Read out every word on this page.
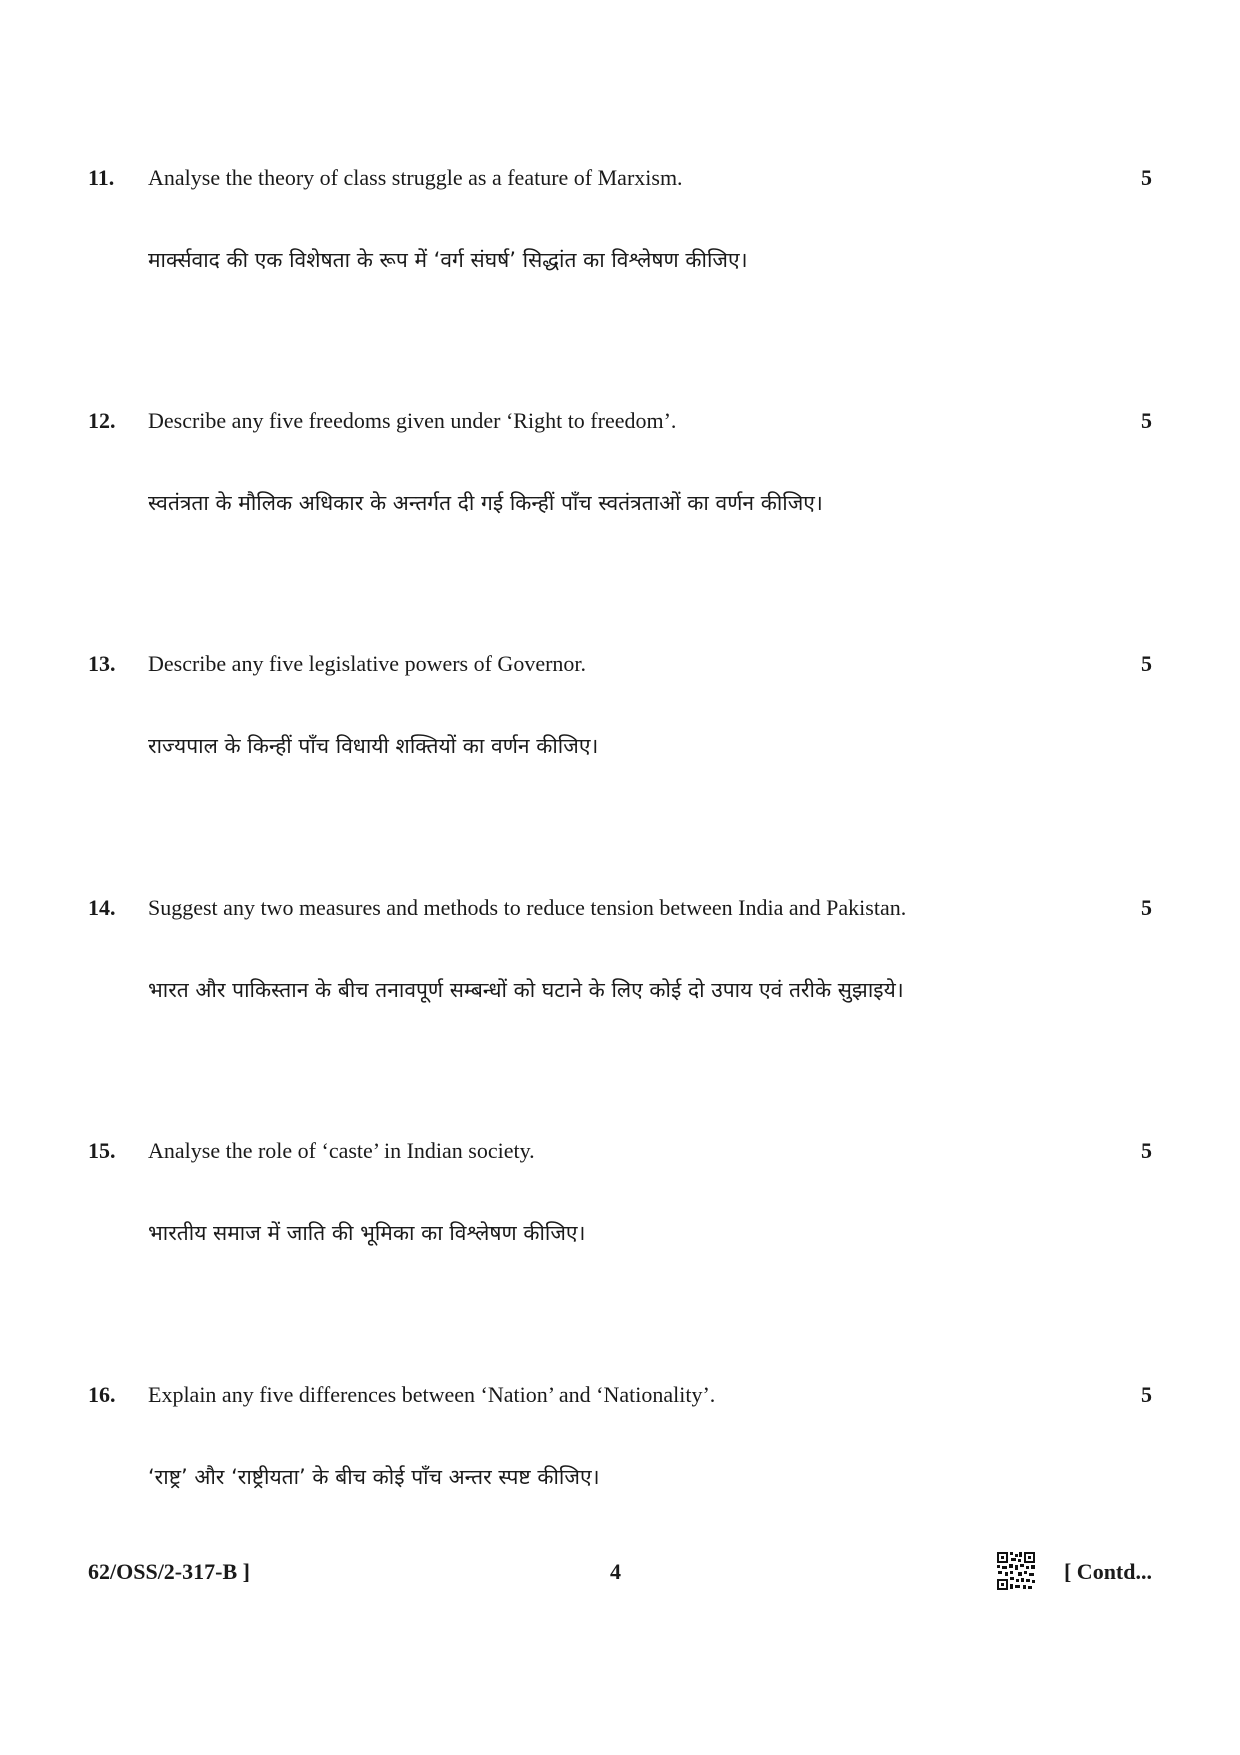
11. Analyse the theory of class struggle as a feature of Marxism.	5
मार्क्सवाद की एक विशेषता के रूप में ‘वर्ग संघर्ष’ सिद्धांत का विश्लेषण कीजिए।
12. Describe any five freedoms given under ‘Right to freedom’.	5
स्वतंत्रता के मौलिक अधिकार के अन्तर्गत दी गई किन्हीं पाँच स्वतंत्रताओं का वर्णन कीजिए।
13. Describe any five legislative powers of Governor.	5
राज्यपाल के किन्हीं पाँच विधायी शक्तियों का वर्णन कीजिए।
14. Suggest any two measures and methods to reduce tension between India and Pakistan.	5
भारत और पाकिस्तान के बीच तनावपूर्ण सम्बन्धों को घटाने के लिए कोई दो उपाय एवं तरीके सुझाइये।
15. Analyse the role of ‘caste’ in Indian society.	5
भारतीय समाज में जाति की भूमिका का विश्लेषण कीजिए।
16. Explain any five differences between ‘Nation’ and ‘Nationality’.	5
‘राष्ट्र’ और ‘राष्ट्रीयता’ के बीच कोई पाँच अन्तर स्पष्ट कीजिए।
62/OSS/2-317-B ]	4	[ Contd...
